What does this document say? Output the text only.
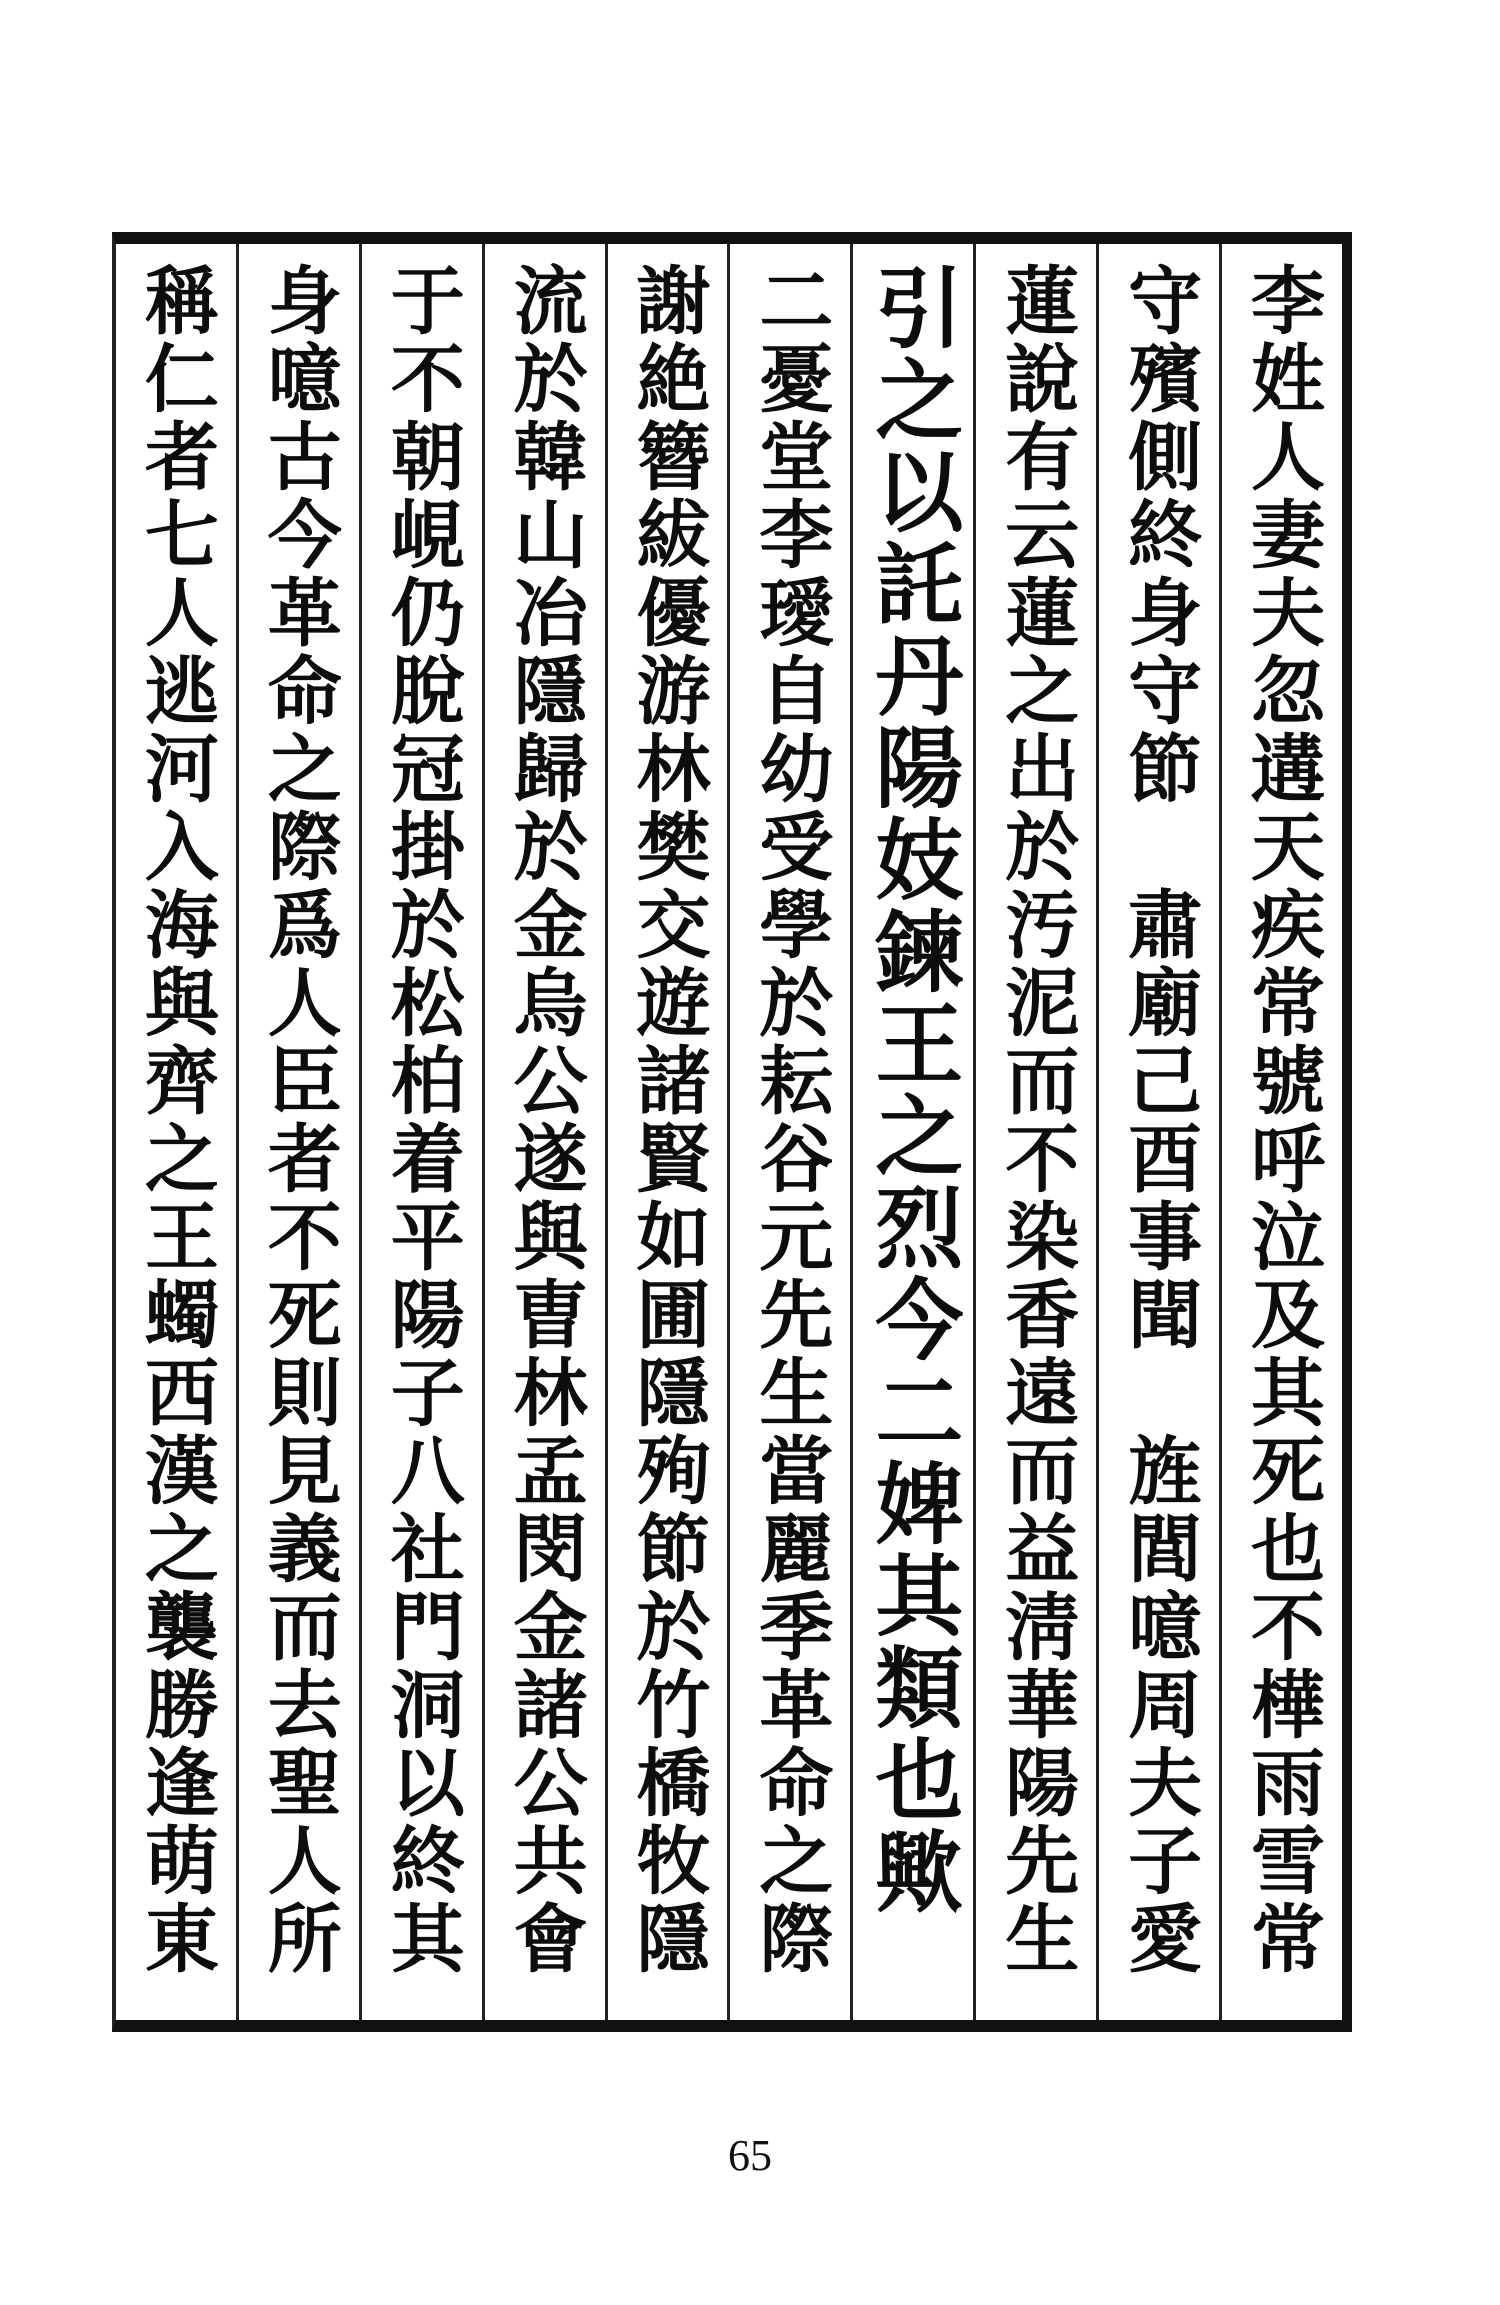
李姓人妻夫忽遘天疾常號呼泣及其死也不樺雨雪常
守殯側終身守節　肅廟己酉事聞　旌閭噫周夫子愛
蓮說有云蓮之出於汚泥而不染香遠而益淸華陽先生
引之以託丹陽妓鍊王之烈今二婢其類也歟
二憂堂李璦自幼受學於耘谷元先生當麗季革命之際
謝絶簪紱優游林樊交遊諸賢如圃隱殉節於竹橋牧隱
流於韓山冶隱歸於金烏公遂與曺林孟閔金諸公共會
于不朝峴仍脫冠掛於松柏着平陽子八社門洞以終其
身噫古今革命之際爲人臣者不死則見義而去聖人所
稱仁者七人逃河入海與齊之王蠋西漢之襲勝逢萌東
65
